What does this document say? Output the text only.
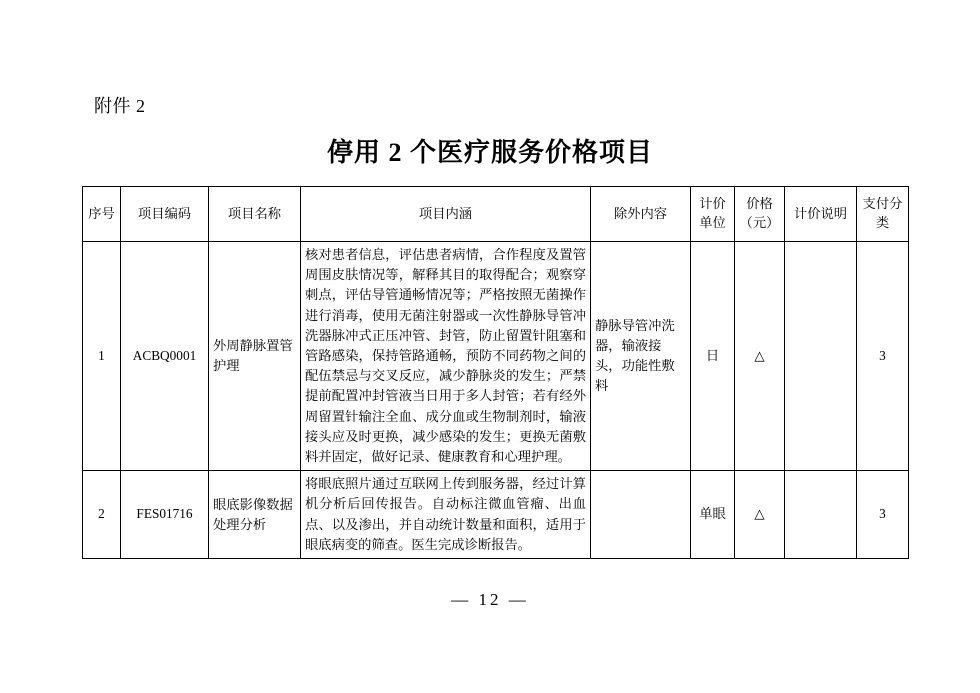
附件 2
停用 2 个医疗服务价格项目
序号	项目编码	项目名称	项目内涵	除外内容	计价单位	价格（元）	计价说明	支付分类
1	ACBQ0001	外周静脉置管护理	核对患者信息，评估患者病情，合作程度及置管周围皮肤情况等，解释其目的取得配合；观察穿刺点，评估导管通畅情况等；严格按照无菌操作进行消毒，使用无菌注射器或一次性静脉导管冲洗器脉冲式正压冲管、封管，防止留置针阻塞和管路感染，保持管路通畅，预防不同药物之间的配伍禁忌与交叉反应，减少静脉炎的发生；严禁提前配置冲封管液当日用于多人封管；若有经外周留置针输注全血、成分血或生物制剂时，输液接头应及时更换，减少感染的发生；更换无菌敷料并固定，做好记录、健康教育和心理护理。	静脉导管冲洗器，输液接头，功能性敷料	日	△		3
2	FES01716	眼底影像数据处理分析	将眼底照片通过互联网上传到服务器，经过计算机分析后回传报告。自动标注微血管瘤、出血点、以及渗出，并自动统计数量和面积，适用于眼底病变的筛查。医生完成诊断报告。		单眼	△		3
— 12 —
